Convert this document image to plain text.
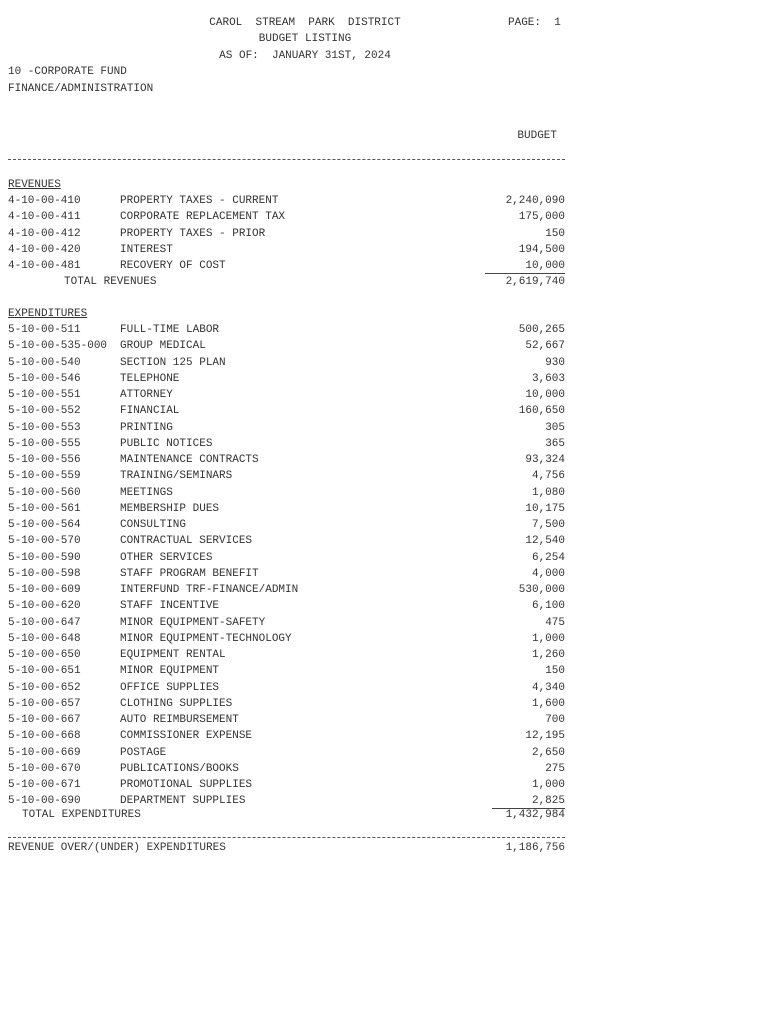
CAROL  STREAM  PARK  DISTRICT
BUDGET LISTING
AS OF:  JANUARY 31ST, 2024
PAGE:  1
10 -CORPORATE FUND
FINANCE/ADMINISTRATION
BUDGET
REVENUES
4-10-00-410	PROPERTY TAXES - CURRENT	2,240,090
4-10-00-411	CORPORATE REPLACEMENT TAX	175,000
4-10-00-412	PROPERTY TAXES - PRIOR	150
4-10-00-420	INTEREST	194,500
4-10-00-481	RECOVERY OF COST	10,000
TOTAL REVENUES	2,619,740
EXPENDITURES
5-10-00-511	FULL-TIME LABOR	500,265
5-10-00-535-000 GROUP MEDICAL	52,667
5-10-00-540	SECTION 125 PLAN	930
5-10-00-546	TELEPHONE	3,603
5-10-00-551	ATTORNEY	10,000
5-10-00-552	FINANCIAL	160,650
5-10-00-553	PRINTING	305
5-10-00-555	PUBLIC NOTICES	365
5-10-00-556	MAINTENANCE CONTRACTS	93,324
5-10-00-559	TRAINING/SEMINARS	4,756
5-10-00-560	MEETINGS	1,080
5-10-00-561	MEMBERSHIP DUES	10,175
5-10-00-564	CONSULTING	7,500
5-10-00-570	CONTRACTUAL SERVICES	12,540
5-10-00-590	OTHER SERVICES	6,254
5-10-00-598	STAFF PROGRAM BENEFIT	4,000
5-10-00-609	INTERFUND TRF-FINANCE/ADMIN	530,000
5-10-00-620	STAFF INCENTIVE	6,100
5-10-00-647	MINOR EQUIPMENT-SAFETY	475
5-10-00-648	MINOR EQUIPMENT-TECHNOLOGY	1,000
5-10-00-650	EQUIPMENT RENTAL	1,260
5-10-00-651	MINOR EQUIPMENT	150
5-10-00-652	OFFICE SUPPLIES	4,340
5-10-00-657	CLOTHING SUPPLIES	1,600
5-10-00-667	AUTO REIMBURSEMENT	700
5-10-00-668	COMMISSIONER EXPENSE	12,195
5-10-00-669	POSTAGE	2,650
5-10-00-670	PUBLICATIONS/BOOKS	275
5-10-00-671	PROMOTIONAL SUPPLIES	1,000
5-10-00-690	DEPARTMENT SUPPLIES	2,825
TOTAL EXPENDITURES	1,432,984
REVENUE OVER/(UNDER) EXPENDITURES	1,186,756
